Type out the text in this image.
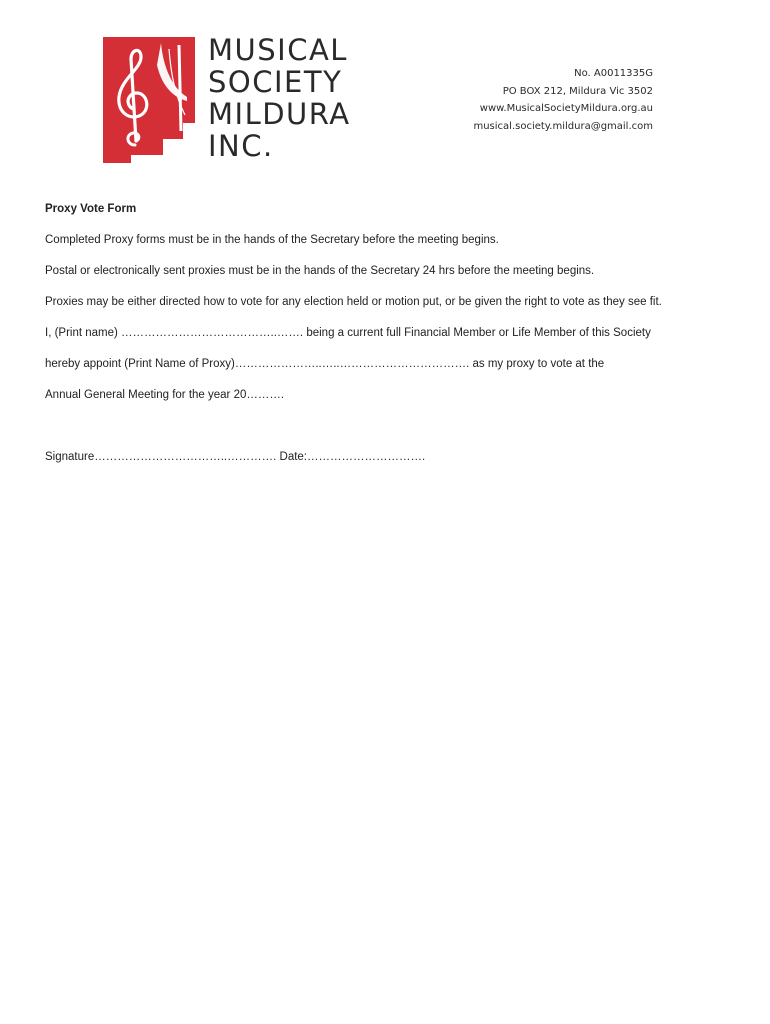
MUSICAL
SOCIETY
MILDURA
INC.
No. A0011335G
PO BOX 212, Mildura Vic 3502
www.MusicalSocietyMildura.org.au
musical.society.mildura@gmail.com

Proxy Vote Form

Completed Proxy forms must be in the hands of the Secretary before the meeting begins.

Postal or electronically sent proxies must be in the hands of the Secretary 24 hrs before the meeting begins.

Proxies may be either directed how to vote for any election held or motion put, or be given the right to vote as they see fit.

I, (Print name) …………………………………..……. being a current full Financial Member or Life Member of this Society

hereby appoint (Print Name of Proxy)…………………..…..……………………………. as my proxy to vote at the

Annual General Meeting for the year 20……….

Signature……………………………..…………. Date:………………………….
